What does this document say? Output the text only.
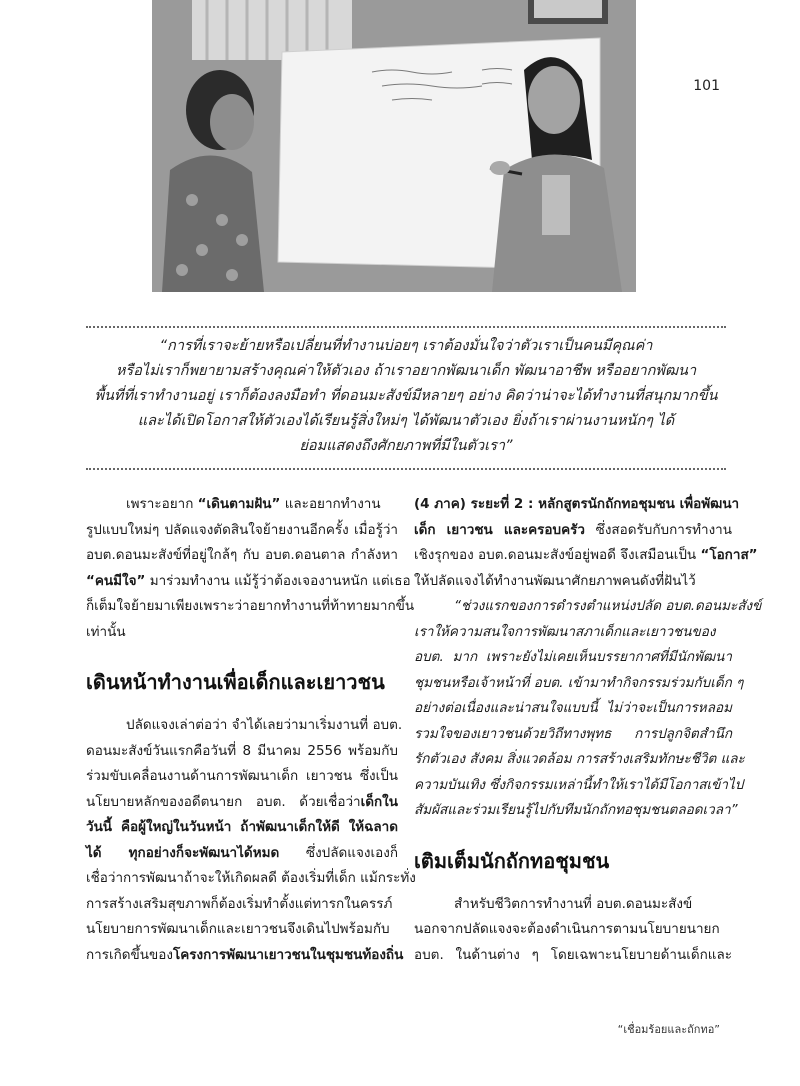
101
“การที่เราจะย้ายหรือเปลี่ยนที่ทำงานบ่อยๆ เราต้องมั่นใจว่าตัวเราเป็นคนมีคุณค่า
หรือไม่เราก็พยายามสร้างคุณค่าให้ตัวเอง ถ้าเราอยากพัฒนาเด็ก พัฒนาอาชีพ หรืออยากพัฒนา
พื้นที่ที่เราทำงานอยู่ เราก็ต้องลงมือทำ ที่ดอนมะสังข์มีหลายๆ อย่าง คิดว่าน่าจะได้ทำงานที่สนุกมากขึ้น
และได้เปิดโอกาสให้ตัวเองได้เรียนรู้สิ่งใหม่ๆ ได้พัฒนาตัวเอง ยิ่งถ้าเราผ่านงานหนักๆ ได้
ย่อมแสดงถึงศักยภาพที่มีในตัวเรา”
เพราะอยาก “เดินตามฝัน” และอยากทำงาน
รูปแบบใหม่ๆ ปลัดแจงตัดสินใจย้ายงานอีกครั้ง เมื่อรู้ว่า
อบต.ดอนมะสังข์ที่อยู่ใกล้ๆ กับ อบต.ดอนตาล กำลังหา
“คนมีใจ” มาร่วมทำงาน แม้รู้ว่าต้องเจองานหนัก แต่เธอ
ก็เต็มใจย้ายมาเพียงเพราะว่าอยากทำงานที่ท้าทายมากขึ้น
เท่านั้น
เดินหน้าทำงานเพื่อเด็กและเยาวชน
ปลัดแจงเล่าต่อว่า จำได้เลยว่ามาเริ่มงานที่ อบต.
ดอนมะสังข์วันแรกคือวันที่ 8 มีนาคม 2556 พร้อมกับ
ร่วมขับเคลื่อนงานด้านการพัฒนาเด็ก เยาวชน ซึ่งเป็น
นโยบายหลักของอดีตนายก อบต. ด้วยเชื่อว่าเด็กใน
วันนี้ คือผู้ใหญ่ในวันหน้า ถ้าพัฒนาเด็กให้ดี ให้ฉลาด
ได้ ทุกอย่างก็จะพัฒนาได้หมด ซึ่งปลัดแจงเองก็
เชื่อว่าการพัฒนาถ้าจะให้เกิดผลดี ต้องเริ่มที่เด็ก แม้กระทั่ง
การสร้างเสริมสุขภาพก็ต้องเริ่มทำตั้งแต่ทารกในครรภ์
นโยบายการพัฒนาเด็กและเยาวชนจึงเดินไปพร้อมกับ
การเกิดขึ้นของโครงการพัฒนาเยาวชนในชุมชนท้องถิ่น
(4 ภาค) ระยะที่ 2 : หลักสูตรนักถักทอชุมชน เพื่อพัฒนา
เด็ก เยาวชน และครอบครัว ซึ่งสอดรับกับการทำงาน
เชิงรุกของ อบต.ดอนมะสังข์อยู่พอดี จึงเสมือนเป็น “โอกาส”
ให้ปลัดแจงได้ทำงานพัฒนาศักยภาพคนดังที่ฝันไว้
“ช่วงแรกของการดำรงตำแหน่งปลัด อบต.ดอนมะสังข์
เราให้ความสนใจการพัฒนาสภาเด็กและเยาวชนของ
อบต. มาก เพราะยังไม่เคยเห็นบรรยากาศที่มีนักพัฒนา
ชุมชนหรือเจ้าหน้าที่ อบต. เข้ามาทำกิจกรรมร่วมกับเด็ก ๆ
อย่างต่อเนื่องและน่าสนใจแบบนี้ ไม่ว่าจะเป็นการหลอม
รวมใจของเยาวชนด้วยวิถีทางพุทธ การปลูกจิตสำนึก
รักตัวเอง สังคม สิ่งแวดล้อม การสร้างเสริมทักษะชีวิต และ
ความบันเทิง ซึ่งกิจกรรมเหล่านี้ทำให้เราได้มีโอกาสเข้าไป
สัมผัสและร่วมเรียนรู้ไปกับทีมนักถักทอชุมชนตลอดเวลา”
เติมเต็มนักถักทอชุมชน
สำหรับชีวิตการทำงานที่ อบต.ดอนมะสังข์
นอกจากปลัดแจงจะต้องดำเนินการตามนโยบายนายก
อบต. ในด้านต่าง ๆ โดยเฉพาะนโยบายด้านเด็กและ
“เชื่อมร้อยและถักทอ”
